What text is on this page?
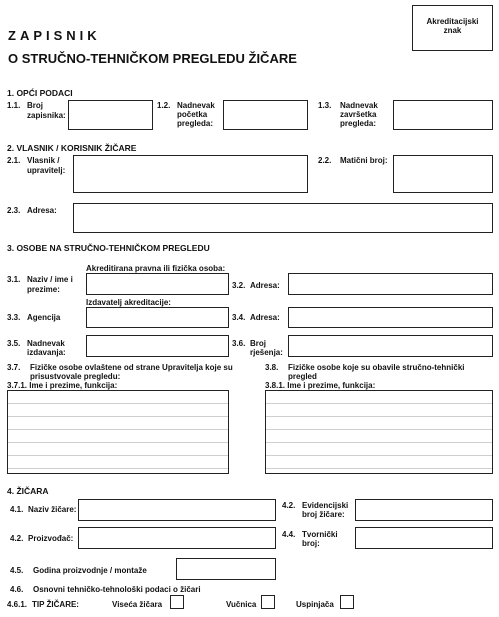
ZAPISNIK
O STRUČNO-TEHNIČKOM PREGLEDU ŽIČARE
Akreditacijski
znak
1. OPĆI PODACI
1.1. Broj
zapisnika:
1.2. Nadnevak
početka
pregleda:
1.3. Nadnevak
završetka
pregleda:
2. VLASNIK / KORISNIK ŽIČARE
2.1. Vlasnik /
upravitelj:
2.2. Matični broj:
2.3. Adresa:
3. OSOBE NA STRUČNO-TEHNIČKOM PREGLEDU
Akreditirana pravna ili fizička osoba:
3.1. Naziv / ime i
prezime:	3.2. Adresa:
Izdavatelj akreditacije:
3.3. Agencija	3.4. Adresa:
3.5. Nadnevak
izdavanja:
3.6. Broj
rješenja:
3.7. Fizičke osobe ovlaštene od strane Upravitelja koje su
prisustvovale pregledu:
3.7.1. Ime i prezime, funkcija:
3.8. Fizičke osobe koje su obavile stručno-tehnički
pregled
3.8.1. Ime i prezime, funkcija:
4. ŽIČARA
4.1. Naziv žičare:	4.2. Evidencijski
broj žičare:
4.2. Proizvođač:	4.4. Tvornički
broj:
4.5. Godina proizvodnje / montaže
4.6. Osnovni tehničko-tehnološki podaci o žičari
4.6.1. TIP ŽIČARE:	Viseća žičara	Vučnica	Uspinjača
